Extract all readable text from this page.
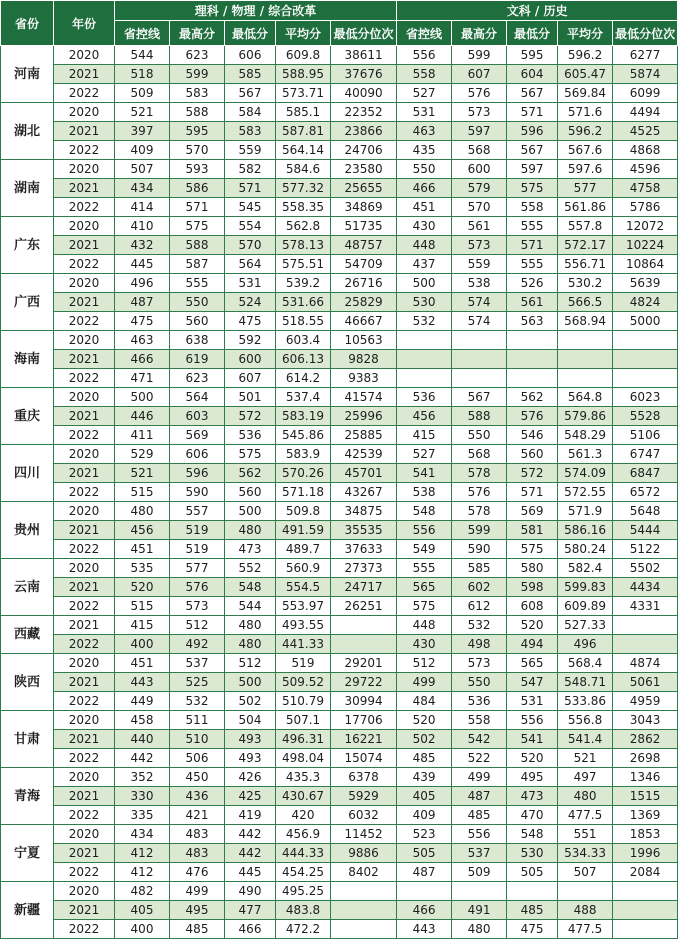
省份	年份	理科 / 物理 / 综合改革					文科 / 历史				
		省控线	最高分	最低分	平均分	最低分位次	省控线	最高分	最低分	平均分	最低分位次
河南	2020	544	623	606	609.8	38611	556	599	595	596.2	6277
	2021	518	599	585	588.95	37676	558	607	604	605.47	5874
	2022	509	583	567	573.71	40090	527	576	567	569.84	6099
湖北	2020	521	588	584	585.1	22352	531	573	571	571.6	4494
	2021	397	595	583	587.81	23866	463	597	596	596.2	4525
	2022	409	570	559	564.14	24706	435	568	567	567.6	4868
湖南	2020	507	593	582	584.6	23580	550	600	597	597.6	4596
	2021	434	586	571	577.32	25655	466	579	575	577	4758
	2022	414	571	545	558.35	34869	451	570	558	561.86	5786
广东	2020	410	575	554	562.8	51735	430	561	555	557.8	12072
	2021	432	588	570	578.13	48757	448	573	571	572.17	10224
	2022	445	587	564	575.51	54709	437	559	555	556.71	10864
广西	2020	496	555	531	539.2	26716	500	538	526	530.2	5639
	2021	487	550	524	531.66	25829	530	574	561	566.5	4824
	2022	475	560	475	518.55	46667	532	574	563	568.94	5000
海南	2020	463	638	592	603.4	10563					
	2021	466	619	600	606.13	9828					
	2022	471	623	607	614.2	9383					
重庆	2020	500	564	501	537.4	41574	536	567	562	564.8	6023
	2021	446	603	572	583.19	25996	456	588	576	579.86	5528
	2022	411	569	536	545.86	25885	415	550	546	548.29	5106
四川	2020	529	606	575	583.9	42539	527	568	560	561.3	6747
	2021	521	596	562	570.26	45701	541	578	572	574.09	6847
	2022	515	590	560	571.18	43267	538	576	571	572.55	6572
贵州	2020	480	557	500	509.8	34875	548	578	569	571.9	5648
	2021	456	519	480	491.59	35535	556	599	581	586.16	5444
	2022	451	519	473	489.7	37633	549	590	575	580.24	5122
云南	2020	535	577	552	560.9	27373	555	585	580	582.4	5502
	2021	520	576	548	554.5	24717	565	602	598	599.83	4434
	2022	515	573	544	553.97	26251	575	612	608	609.89	4331
西藏	2021	415	512	480	493.55		448	532	520	527.33	
	2022	400	492	480	441.33		430	498	494	496	
陕西	2020	451	537	512	519	29201	512	573	565	568.4	4874
	2021	443	525	500	509.52	29722	499	550	547	548.71	5061
	2022	449	532	502	510.79	30994	484	536	531	533.86	4959
甘肃	2020	458	511	504	507.1	17706	520	558	556	556.8	3043
	2021	440	510	493	496.31	16221	502	542	541	541.4	2862
	2022	442	506	493	498.04	15074	485	522	520	521	2698
青海	2020	352	450	426	435.3	6378	439	499	495	497	1346
	2021	330	436	425	430.67	5929	405	487	473	480	1515
	2022	335	421	419	420	6032	409	485	470	477.5	1369
宁夏	2020	434	483	442	456.9	11452	523	556	548	551	1853
	2021	412	483	442	444.33	9886	505	537	530	534.33	1996
	2022	412	476	445	454.25	8402	487	509	505	507	2084
新疆	2020	482	499	490	495.25						
	2021	405	495	477	483.8		466	491	485	488	
	2022	400	485	466	472.2		443	480	475	477.5	
